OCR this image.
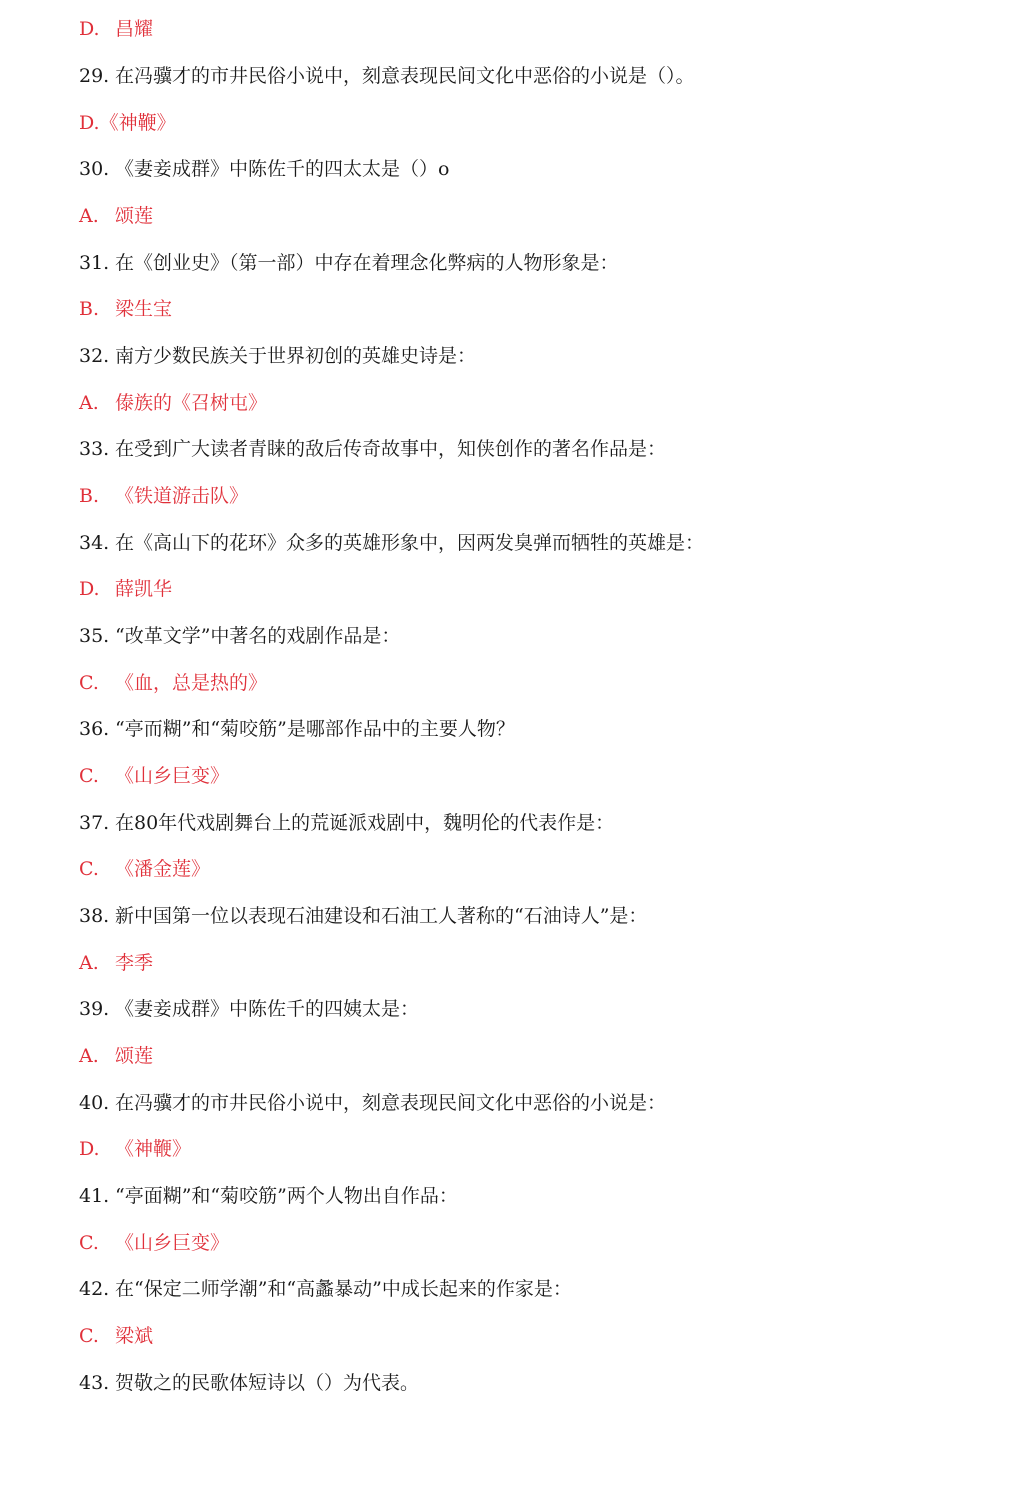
D. 昌耀
29. 在冯骥才的市井民俗小说中，刻意表现民间文化中恶俗的小说是（）。
D.《神鞭》
30. 《妻妾成群》中陈佐千的四太太是（）o
A. 颂莲
31. 在《创业史》（第一部）中存在着理念化弊病的人物形象是：
B. 梁生宝
32. 南方少数民族关于世界初创的英雄史诗是：
A. 傣族的《召树屯》
33. 在受到广大读者青睐的敌后传奇故事中，知侠创作的著名作品是：
B. 《铁道游击队》
34. 在《高山下的花环》众多的英雄形象中，因两发臭弹而牺牲的英雄是：
D. 薛凯华
35. “改革文学”中著名的戏剧作品是：
C. 《血，总是热的》
36. “亭而糊”和“菊咬筋”是哪部作品中的主要人物？
C. 《山乡巨变》
37. 在80年代戏剧舞台上的荒诞派戏剧中，魏明伦的代表作是：
C. 《潘金莲》
38. 新中国第一位以表现石油建设和石油工人著称的“石油诗人”是：
A. 李季
39. 《妻妾成群》中陈佐千的四姨太是：
A. 颂莲
40. 在冯骥才的市井民俗小说中，刻意表现民间文化中恶俗的小说是：
D. 《神鞭》
41. “亭面糊”和“菊咬筋”两个人物出自作品：
C. 《山乡巨变》
42. 在“保定二师学潮”和“高蠡暴动”中成长起来的作家是：
C. 梁斌
43. 贺敬之的民歌体短诗以（）为代表。
